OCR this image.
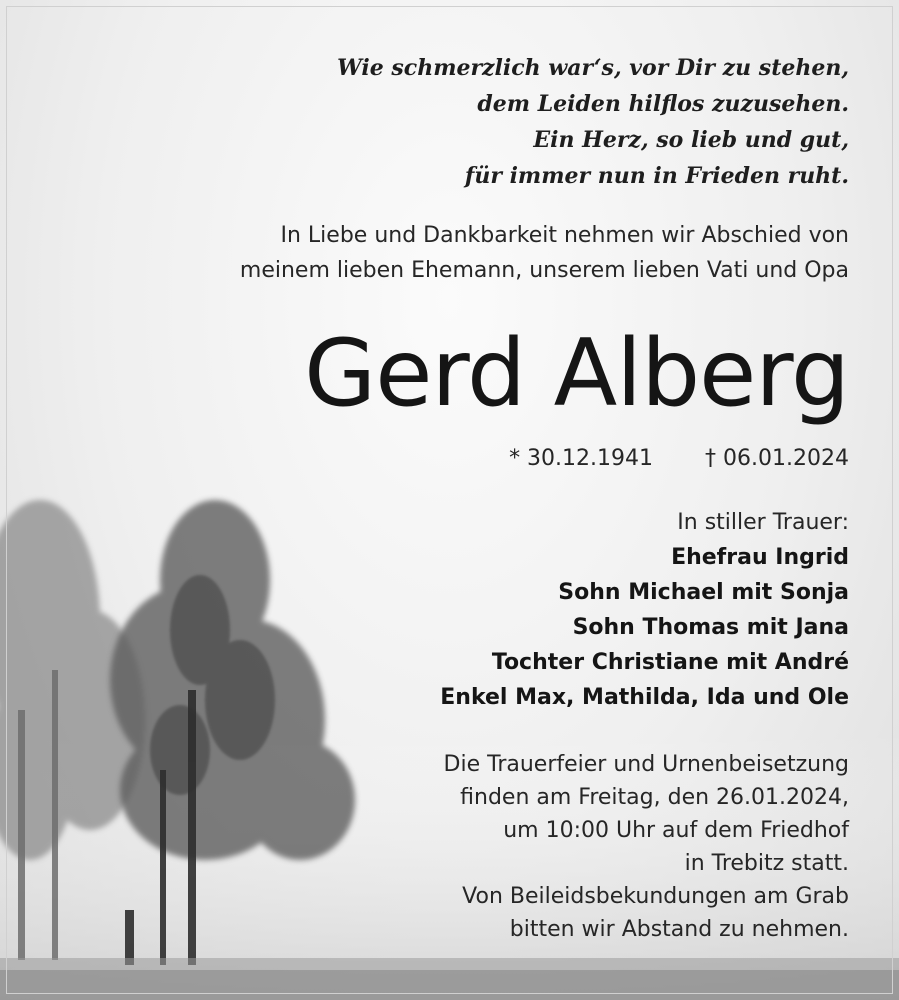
Wie schmerzlich war‘s, vor Dir zu stehen,
dem Leiden hilflos zuzusehen.
Ein Herz, so lieb und gut,
für immer nun in Frieden ruht.
In Liebe und Dankbarkeit nehmen wir Abschied von
meinem lieben Ehemann, unserem lieben Vati und Opa
Gerd Alberg
* 30.12.1941 † 06.01.2024
In stiller Trauer:
Ehefrau Ingrid
Sohn Michael mit Sonja
Sohn Thomas mit Jana
Tochter Christiane mit André
Enkel Max, Mathilda, Ida und Ole
Die Trauerfeier und Urnenbeisetzung
finden am Freitag, den 26.01.2024,
um 10:00 Uhr auf dem Friedhof
in Trebitz statt.
Von Beileidsbekundungen am Grab
bitten wir Abstand zu nehmen.
